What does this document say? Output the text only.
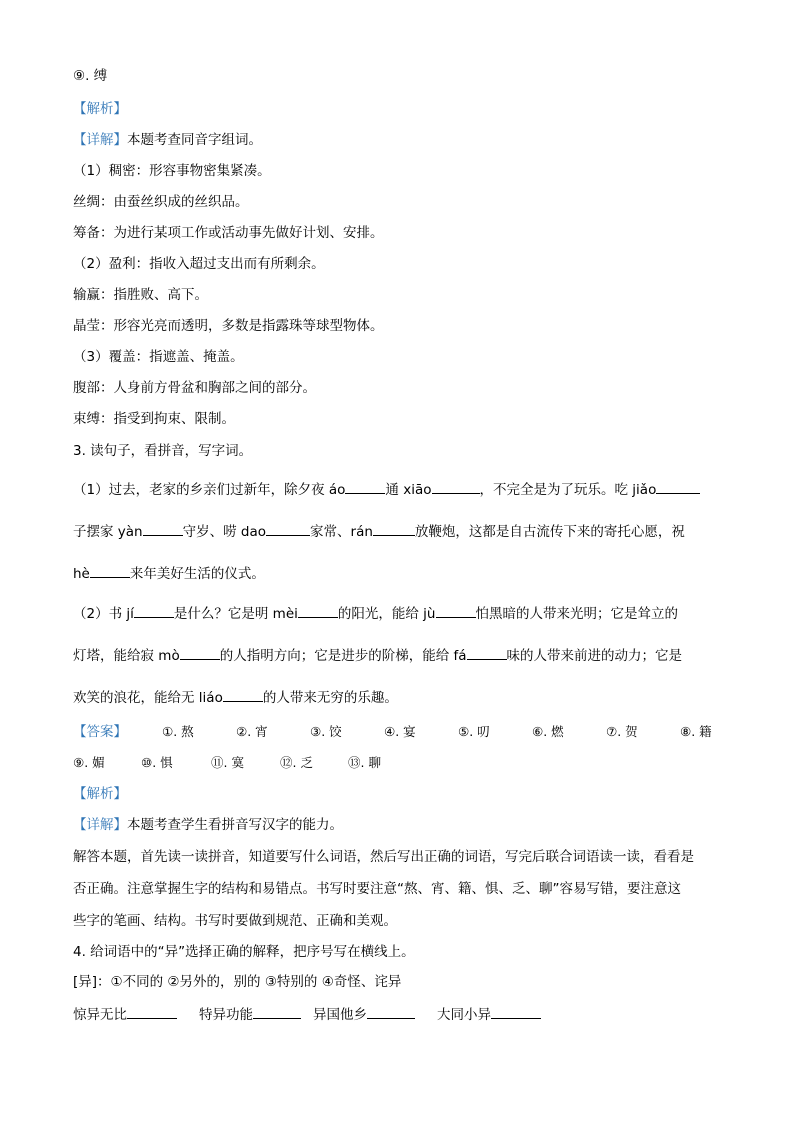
⑨. 缚
【解析】
【详解】本题考查同音字组词。
（1）稠密：形容事物密集紧凑。
丝绸：由蚕丝织成的丝织品。
筹备：为进行某项工作或活动事先做好计划、安排。
（2）盈利：指收入超过支出而有所剩余。
输赢：指胜败、高下。
晶莹：形容光亮而透明，多数是指露珠等球型物体。
（3）覆盖：指遮盖、掩盖。
腹部：人身前方骨盆和胸部之间的部分。
束缚：指受到拘束、限制。
3. 读句子，看拼音，写字词。
（1）过去，老家的乡亲们过新年，除夕夜 áo	通 xiāo	，不完全是为了玩乐。吃 jiǎo
子摆家 yàn	守岁、唠 dao	家常、rán	放鞭炮，这都是自古流传下来的寄托心愿，祝
hè	来年美好生活的仪式。
（2）书 jí	是什么？它是明 mèi	的阳光，能给 jù	怕黑暗的人带来光明；它是耸立的
灯塔，能给寂 mò	的人指明方向；它是进步的阶梯，能给 fá	味的人带来前进的动力；它是
欢笑的浪花，能给无 liáo	的人带来无穷的乐趣。
【答案】	①. 熬	②. 宵	③. 饺	④. 宴	⑤. 叨	⑥. 燃	⑦. 贺	⑧. 籍
⑨. 媚	⑩. 惧	⑪. 寞	⑫. 乏	⑬. 聊
【解析】
【详解】本题考查学生看拼音写汉字的能力。
解答本题，首先读一读拼音，知道要写什么词语，然后写出正确的词语，写完后联合词语读一读，看看是
否正确。注意掌握生字的结构和易错点。书写时要注意“熬、宵、籍、惧、乏、聊”容易写错，要注意这
些字的笔画、结构。书写时要做到规范、正确和美观。
4. 给词语中的“异”选择正确的解释，把序号写在横线上。
[异]：①不同的 ②另外的，别的 ③特别的 ④奇怪、诧异
惊异无比	特异功能	异国他乡	大同小异
